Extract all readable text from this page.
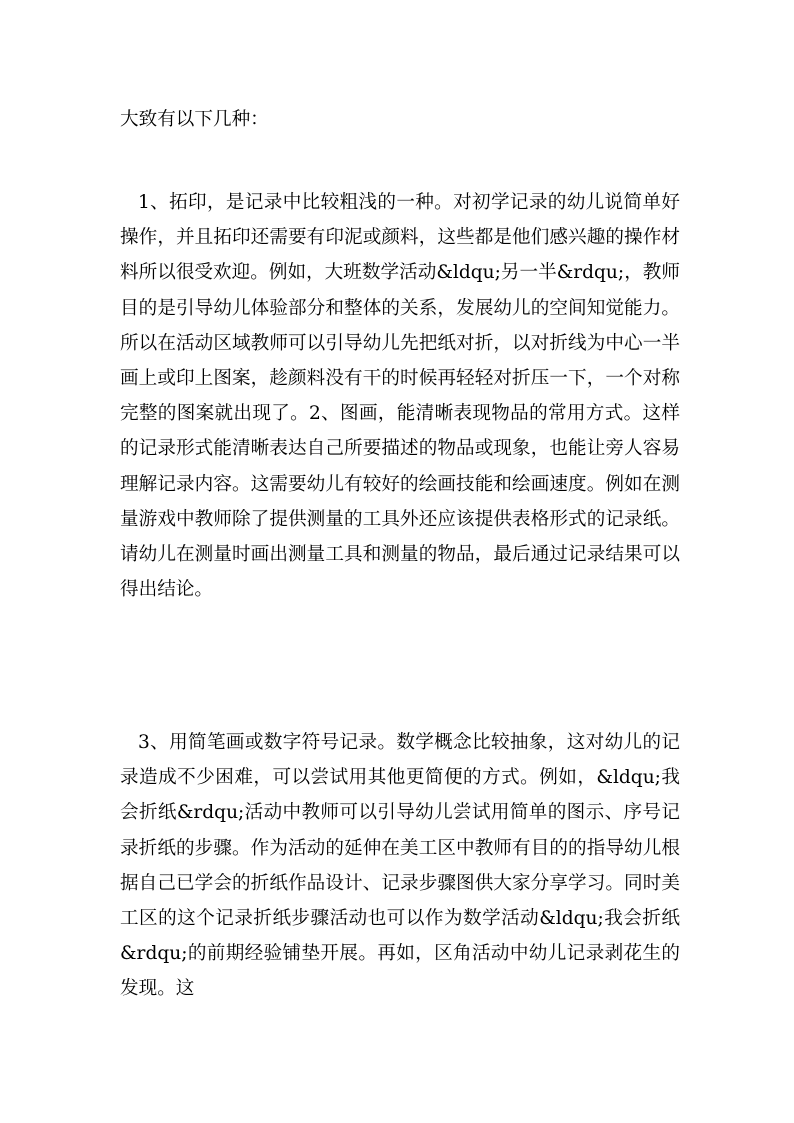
大致有以下几种：

1、拓印，是记录中比较粗浅的一种。对初学记录的幼儿说简单好操作，并且拓印还需要有印泥或颜料，这些都是他们感兴趣的操作材料所以很受欢迎。例如，大班数学活动&ldqu;另一半&rdqu;，教师目的是引导幼儿体验部分和整体的关系，发展幼儿的空间知觉能力。所以在活动区域教师可以引导幼儿先把纸对折，以对折线为中心一半画上或印上图案，趁颜料没有干的时候再轻轻对折压一下，一个对称完整的图案就出现了。2、图画，能清晰表现物品的常用方式。这样的记录形式能清晰表达自己所要描述的物品或现象，也能让旁人容易理解记录内容。这需要幼儿有较好的绘画技能和绘画速度。例如在测量游戏中教师除了提供测量的工具外还应该提供表格形式的记录纸。请幼儿在测量时画出测量工具和测量的物品，最后通过记录结果可以得出结论。

3、用简笔画或数字符号记录。数学概念比较抽象，这对幼儿的记录造成不少困难，可以尝试用其他更简便的方式。例如，&ldqu;我会折纸&rdqu;活动中教师可以引导幼儿尝试用简单的图示、序号记录折纸的步骤。作为活动的延伸在美工区中教师有目的的指导幼儿根据自己已学会的折纸作品设计、记录步骤图供大家分享学习。同时美工区的这个记录折纸步骤活动也可以作为数学活动&ldqu;我会折纸&rdqu;的前期经验铺垫开展。再如，区角活动中幼儿记录剥花生的发现。这
